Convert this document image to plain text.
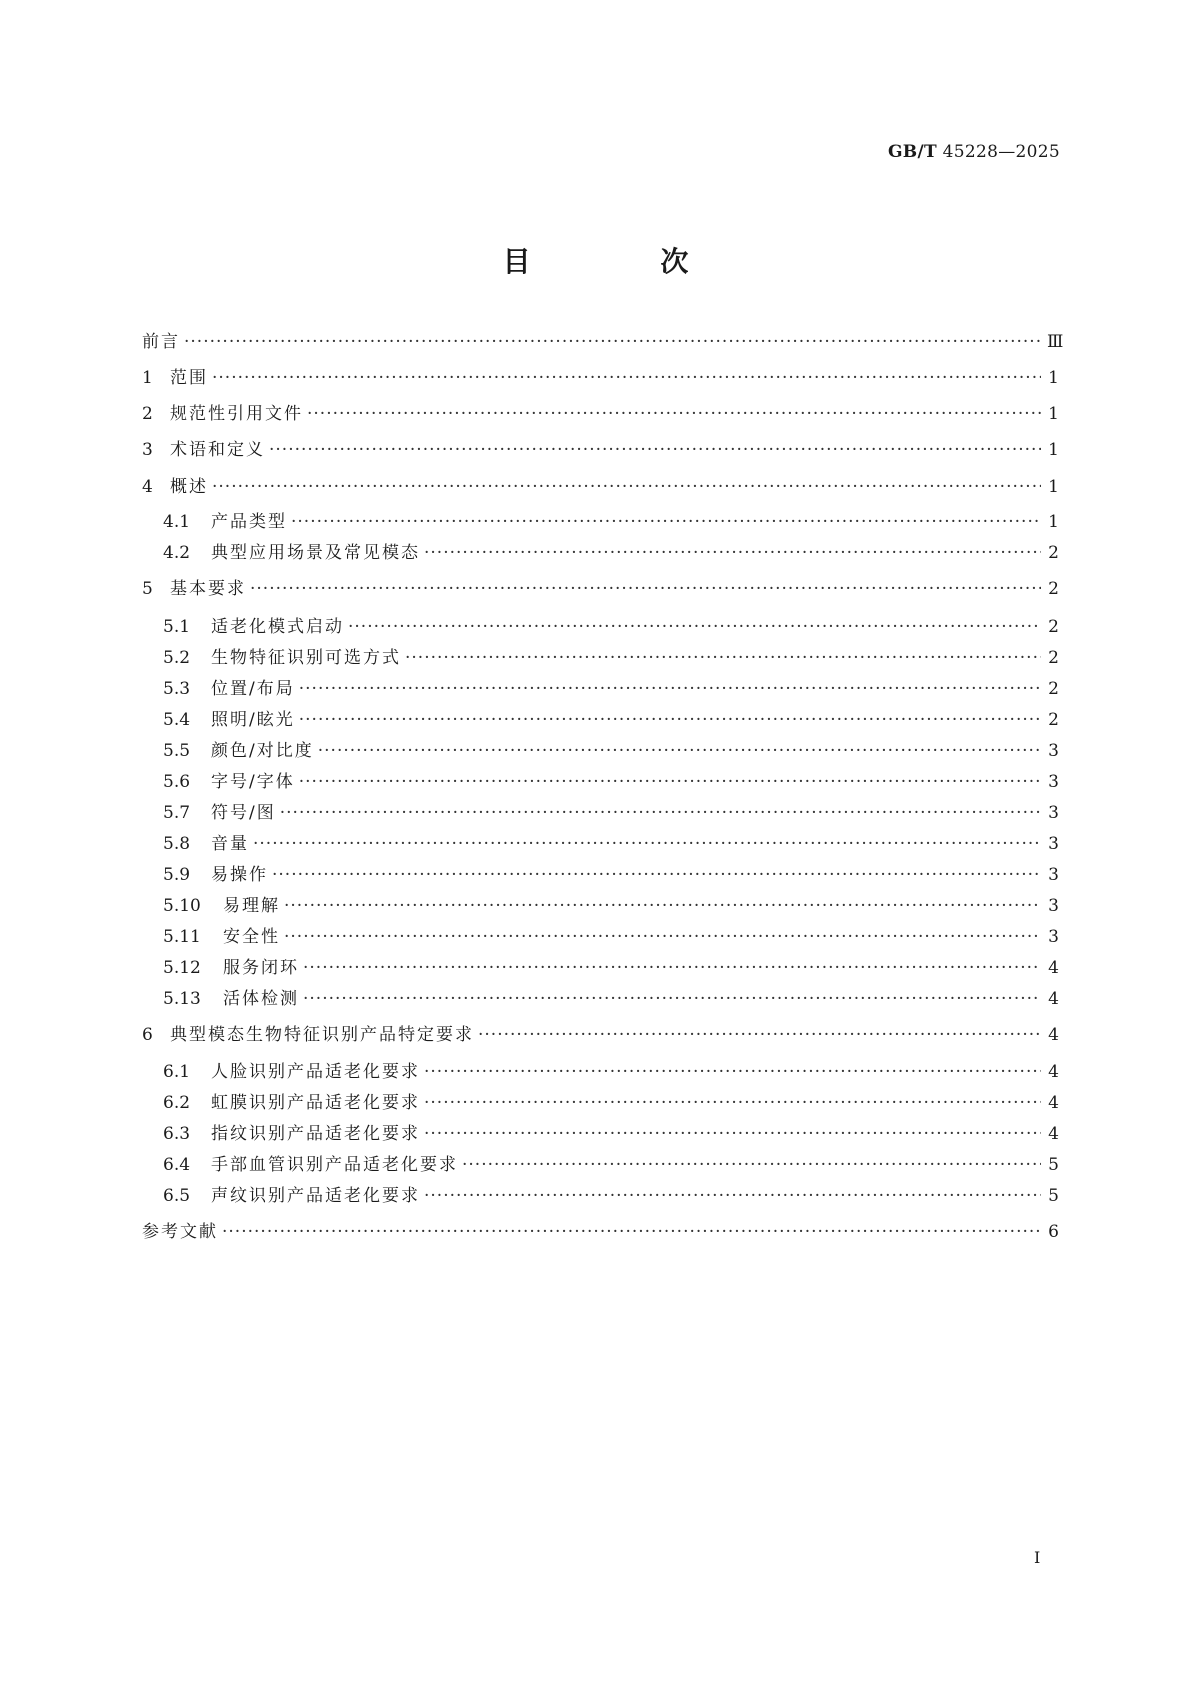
GB/T 45228—2025
目 次
前言 ·····	Ⅲ
1	范围 ·····	1
2	规范性引用文件 ·····	1
3	术语和定义 ·····	1
4	概述 ·····	1
4.1	产品类型 ·····	1
4.2	典型应用场景及常见模态 ·····	2
5	基本要求 ·····	2
5.1	适老化模式启动 ·····	2
5.2	生物特征识别可选方式 ·····	2
5.3	位置/布局 ·····	2
5.4	照明/眩光 ·····	2
5.5	颜色/对比度 ·····	3
5.6	字号/字体 ·····	3
5.7	符号/图 ·····	3
5.8	音量 ·····	3
5.9	易操作 ·····	3
5.10	易理解 ·····	3
5.11	安全性 ·····	3
5.12	服务闭环 ·····	4
5.13	活体检测 ·····	4
6	典型模态生物特征识别产品特定要求 ·····	4
6.1	人脸识别产品适老化要求 ·····	4
6.2	虹膜识别产品适老化要求 ·····	4
6.3	指纹识别产品适老化要求 ·····	4
6.4	手部血管识别产品适老化要求 ·····	5
6.5	声纹识别产品适老化要求 ·····	5
参考文献 ·····	6
Ⅰ
